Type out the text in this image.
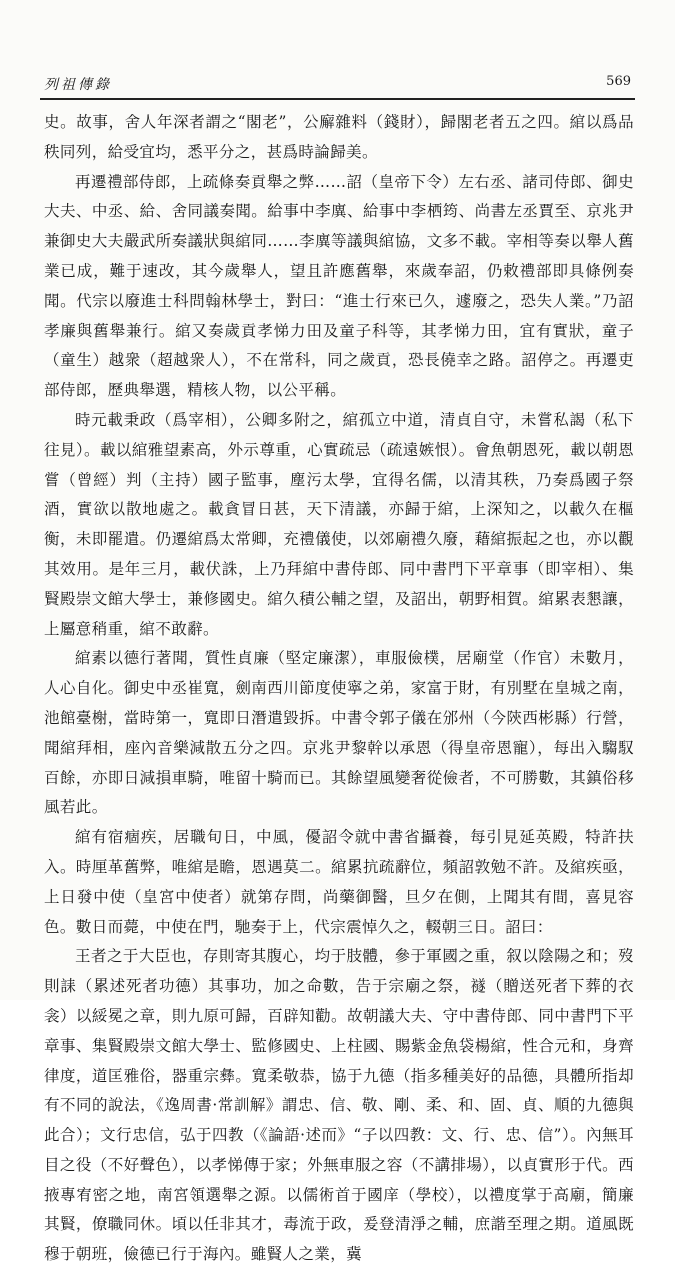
列祖傳錄	569

史。故事，舍人年深者謂之“閣老”，公廨雜料（錢財），歸閣老者五之四。綰以爲品秩同列，給受宜均，悉平分之，甚爲時論歸美。

再遷禮部侍郎，上疏條奏貢舉之弊……詔（皇帝下令）左右丞、諸司侍郎、御史大夫、中丞、給、舍同議奏聞。給事中李廙、給事中李栖筠、尚書左丞賈至、京兆尹兼御史大夫嚴武所奏議狀與綰同……李廙等議與綰協，文多不載。宰相等奏以舉人舊業已成，難于速改，其今歲舉人，望且許應舊舉，來歲奉詔，仍敕禮部即具條例奏聞。代宗以廢進士科問翰林學士，對曰：“進士行來已久，遽廢之，恐失人業。”乃詔孝廉與舊舉兼行。綰又奏歲貢孝悌力田及童子科等，其孝悌力田，宜有實狀，童子（童生）越衆（超越衆人），不在常科，同之歲貢，恐長僥幸之路。詔停之。再遷吏部侍郎，歷典舉選，精核人物，以公平稱。

時元載秉政（爲宰相），公卿多附之，綰孤立中道，清貞自守，未嘗私謁（私下往見）。載以綰雅望素高，外示尊重，心實疏忌（疏遠嫉恨）。會魚朝恩死，載以朝恩嘗（曾經）判（主持）國子監事，塵污太學，宜得名儒，以清其秩，乃奏爲國子祭酒，實欲以散地處之。載貪冒日甚，天下清議，亦歸于綰，上深知之，以載久在樞衡，未即罷遣。仍遷綰爲太常卿，充禮儀使，以郊廟禮久廢，藉綰振起之也，亦以觀其效用。是年三月，載伏誅，上乃拜綰中書侍郎、同中書門下平章事（即宰相）、集賢殿崇文館大學士，兼修國史。綰久積公輔之望，及詔出，朝野相賀。綰累表懇讓，上屬意稍重，綰不敢辭。

綰素以德行著聞，質性貞廉（堅定廉潔），車服儉樸，居廟堂（作官）未數月，人心自化。御史中丞崔寬，劍南西川節度使寧之弟，家富于財，有別墅在皇城之南，池館臺榭，當時第一，寬即日潛遣毀拆。中書令郭子儀在邠州（今陝西彬縣）行營，聞綰拜相，座內音樂減散五分之四。京兆尹黎幹以承恩（得皇帝恩寵），每出入騶馭百餘，亦即日減損車騎，唯留十騎而已。其餘望風變奢從儉者，不可勝數，其鎮俗移風若此。

綰有宿痼疾，居職旬日，中風，優詔令就中書省攝養，每引見延英殿，特許扶入。時厘革舊弊，唯綰是瞻，恩遇莫二。綰累抗疏辭位，頻詔敦勉不許。及綰疾亟，上日發中使（皇宮中使者）就第存問，尚藥御醫，旦夕在側，上聞其有間，喜見容色。數日而薨，中使在門，馳奏于上，代宗震悼久之，輟朝三日。詔曰：

王者之于大臣也，存則寄其腹心，均于肢體，參于軍國之重，叙以陰陽之和；歿則誄（累述死者功德）其事功，加之命數，告于宗廟之祭，襚（贈送死者下葬的衣衾）以綏冕之章，則九原可歸，百辟知勸。故朝議大夫、守中書侍郎、同中書門下平章事、集賢殿崇文館大學士、監修國史、上柱國、賜紫金魚袋楊綰，性合元和，身齊律度，道匡雅俗，器重宗彝。寬柔敬恭，協于九德（指多種美好的品德，具體所指却有不同的說法，《逸周書·常訓解》謂忠、信、敬、剛、柔、和、固、貞、順的九德與此合）；文行忠信，弘于四教（《論語·述而》“子以四教：文、行、忠、信”）。內無耳目之役（不好聲色），以孝悌傳于家；外無車服之容（不講排場），以貞實形于代。西掖專宥密之地，南宮領選舉之源。以儒術首于國庠（學校），以禮度掌于高廟，簡廉其賢，僚職同休。頃以任非其才，毒流于政，爰登清淨之輔，庶諧至理之期。道風既穆于朝班，儉德已行于海內。雖賢人之業，冀
